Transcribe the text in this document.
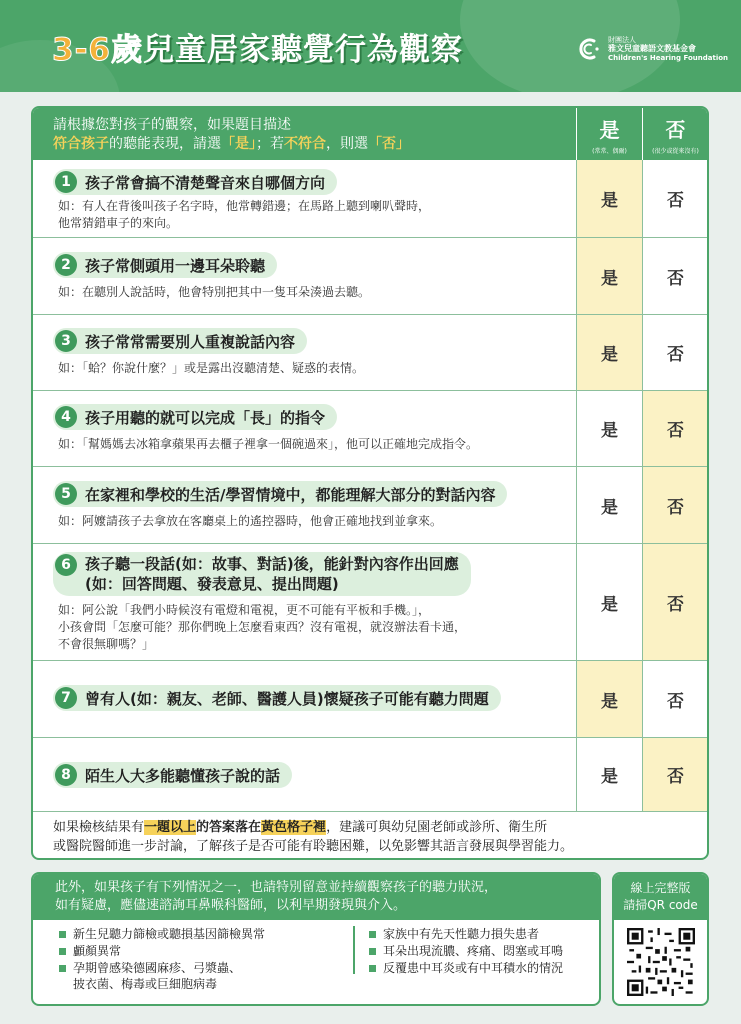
3-6歲兒童居家聽覺行為觀察	財團法人
雅文兒童聽語文教基金會
Children's Hearing Foundation
請根據您對孩子的觀察，如果題目描述
符合孩子的聽能表現，請選「是」；若不符合，則選「否」
是
(常常、偶爾)
否
(很少或從來沒有)
1 孩子常會搞不清楚聲音來自哪個方向
如：有人在背後叫孩子名字時，他常轉錯邊；在馬路上聽到喇叭聲時，
他常猜錯車子的來向。
是	否
2 孩子常側頭用一邊耳朵聆聽
如：在聽別人說話時，他會特別把其中一隻耳朵湊過去聽。
是	否
3 孩子常常需要別人重複說話內容
如：「蛤？你說什麼？」或是露出沒聽清楚、疑惑的表情。
是	否
4 孩子用聽的就可以完成「長」的指令
如：「幫媽媽去冰箱拿蘋果再去櫃子裡拿一個碗過來」，他可以正確地完成指令。
是	否
5 在家裡和學校的生活/學習情境中，都能理解大部分的對話內容
如：阿嬤請孩子去拿放在客廳桌上的遙控器時，他會正確地找到並拿來。
是	否
6 孩子聽一段話(如：故事、對話)後，能針對內容作出回應
(如：回答問題、發表意見、提出問題)
如：阿公說「我們小時候沒有電燈和電視，更不可能有平板和手機。」，
小孩會問「怎麼可能？那你們晚上怎麼看東西？沒有電視，就沒辦法看卡通，
不會很無聊嗎？」
是	否
7 曾有人(如：親友、老師、醫護人員)懷疑孩子可能有聽力問題	是	否
8 陌生人大多能聽懂孩子說的話	是	否
如果檢核結果有一題以上的答案落在黃色格子裡，建議可與幼兒園老師或診所、衛生所
或醫院醫師進一步討論，了解孩子是否可能有聆聽困難，以免影響其語言發展與學習能力。
此外，如果孩子有下列情況之一，也請特別留意並持續觀察孩子的聽力狀況，
如有疑慮，應儘速諮詢耳鼻喉科醫師，以利早期發現與介入。
新生兒聽力篩檢或聽損基因篩檢異常
顱顏異常
孕期曾感染德國麻疹、弓漿蟲、
披衣菌、梅毒或巨細胞病毒
家族中有先天性聽力損失患者
耳朵出現流膿、疼痛、悶塞或耳鳴
反覆患中耳炎或有中耳積水的情況
線上完整版
請掃QR code
